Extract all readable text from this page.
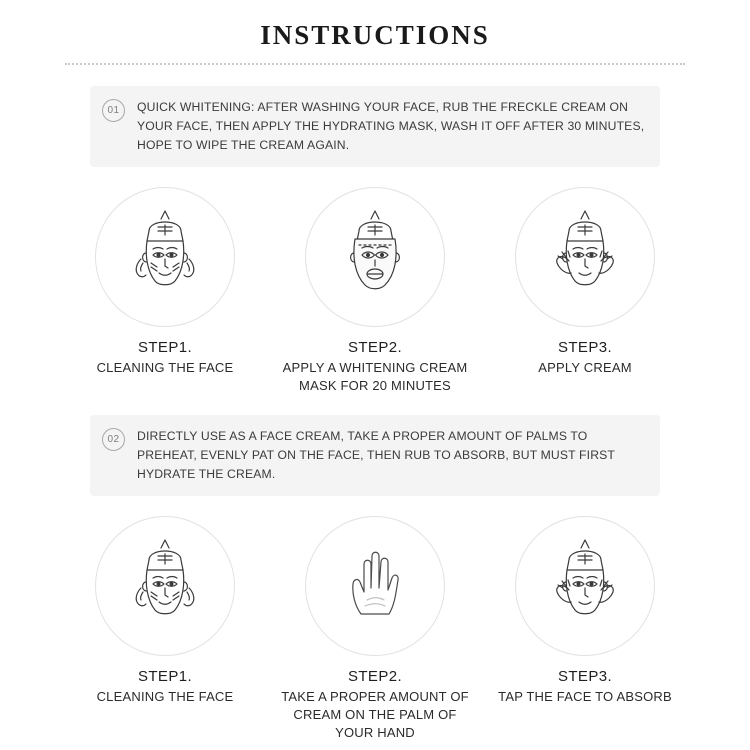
INSTRUCTIONS
01	QUICK WHITENING: AFTER WASHING YOUR FACE, RUB THE FRECKLE CREAM ON YOUR FACE, THEN APPLY THE HYDRATING MASK, WASH IT OFF AFTER 30 MINUTES, HOPE TO WIPE THE CREAM AGAIN.
STEP1.
CLEANING THE FACE
STEP2.
APPLY A WHITENING CREAM MASK FOR 20 MINUTES
STEP3.
APPLY CREAM
02	DIRECTLY USE AS A FACE CREAM, TAKE A PROPER AMOUNT OF PALMS TO PREHEAT, EVENLY PAT ON THE FACE, THEN RUB TO ABSORB, BUT MUST FIRST HYDRATE THE CREAM.
STEP1.
CLEANING THE FACE
STEP2.
TAKE A PROPER AMOUNT OF CREAM ON THE PALM OF YOUR HAND
STEP3.
TAP THE FACE TO ABSORB
